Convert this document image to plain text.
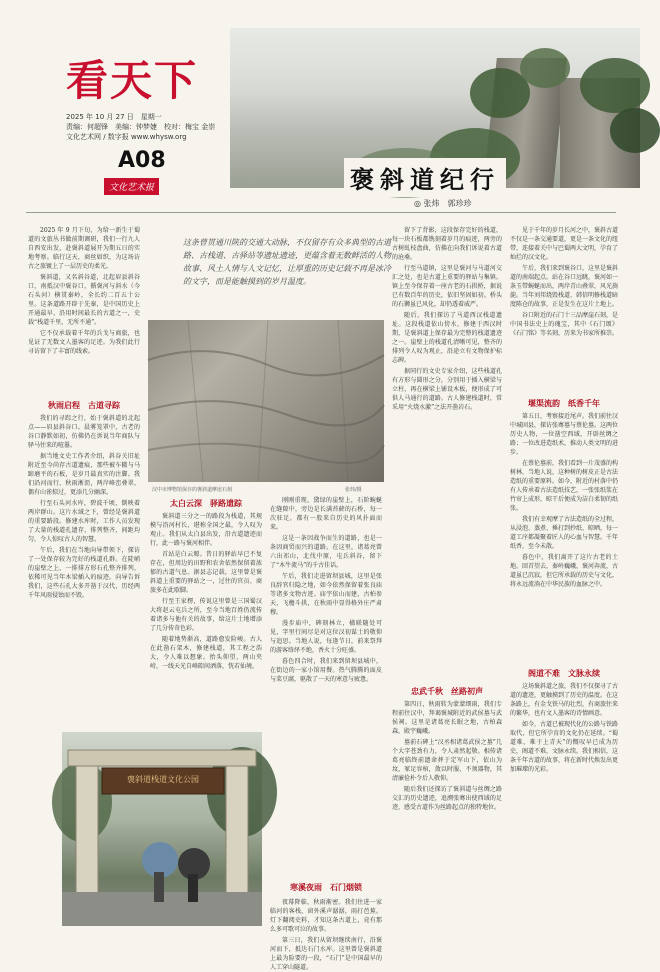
看天下
2025 年 10 月 27 日　星期一
责编：何超锋　美编：钟梦婕　校对：梅宝 金崇
文化艺术网 / 数字报 www.whysw.org
A08
文化艺术报	褒斜道纪行
◎ 张炜　郭珍珍

2025 年 9 月下旬，为给一新生于蜀道的文旅丛书做前期调研，我们一行九人自西安出发，赴褒斜道展开为期五日的实地考察。临行这天，商丝如织，为这场访古之旅镀上了一层历史的柔光。

褒斜道，又名斜谷道，北起眉县斜谷口，南抵汉中褒谷口，循褒河与斜水（今石头河）横贯秦岭，全长约二百五十公里。这条道路开辟于先秦，是中国历史上开通最早、沿用时间最长的古道之一，史载“栈道千里，无所不通”。

它不仅承载着千年的兵戈与商旅，也见证了无数文人墨客的足迹。为我们此行寻访留下了丰富的线索。

秋雨启程　古道寻踪

我们的寻踪之行，始于褒斜道的北起点——眉县斜谷口。晨雾笼罩中，古老的谷口静默如初，仿佛仍在诉说当年商队与驿马往来的喧嚣。

据当地文史工作者介绍，斜谷关旧址附近至今尚存古道遗痕，那些被车辙与马蹄磨平的石板，是岁月最真实的注脚。我们沿河而行，秋雨淅沥，两岸峰峦叠翠，偶有山雀掠过，更添几分幽深。

行至石头河水库，碧波千顷，倒映着两岸群山。这片水域之下，曾经是褒斜道的重要路段。修建水库时，工作人员发现了大量的栈道孔遗存，排列整齐，间距均匀，令人惊叹古人的智慧。

午后，我们在当地向导带领下，探访了一处保存较为完好的栈道孔群。在陡峭的崖壁之上，一排排方形石孔整齐排列，依稀可见当年木梁插入的痕迹。向导告诉我们，这些石孔大多开凿于汉代，历经两千年风雨侵蚀而不毁。

这条曾贯通川陕的交通大动脉，不仅留存有众多典型的古道路、古栈道、古驿站等遗址遗迹，更蕴含着无数鲜活的人物故事、风土人情与人文记忆，让厚重的历史记载不再是冰冷的文字，而是能触摸到的岁月温度。
汉中市博物馆保存的褒斜道摩崖石刻	张炜/摄
太白云深　驿路遗踪

褒斜道三分之一的路段为栈道，其规模与沿河村长，堪称全国之最，令人叹为观止。我们从太白县出发，沿古道遗迹而行，此一路与褒河相伴。

首站是白云塬。昔日的驿站早已不复存在，但周边的田野和农舍依然保留着浓郁的古道气息。据县志记载，这里曾是褒斜道上重要的驿站之一，过往的官员、商旅多在此歇脚。

行至王家楞，传说这里曾是三国蜀汉大将赵云屯兵之所，至今当地百姓仍流传着诸多与他有关的故事，给这片土地增添了几分传奇色彩。

随着地势渐高，道路愈发险峻。古人在此凿石架木，修建栈道，其工程之浩大，令人难以想象。抬头仰望，两山夹峙，一线天光自峰隙间洒落，恍若仙境。

刚刚重现，黛绿的崖壁上，石阶蜿蜒在缝隙中，旁边是长满苔藓的石桥，每一次驻足，都有一股来自历史的风扑面而来。

这是一条因战争而生的道路，也是一条因商贸而兴的道路。在这里，诸葛亮曾六出祁山，北伐中原，屯兵斜谷，留下了“木牛流马”的千古佳话。

午后，我们走进留坝县城，这里是张良辞官归隐之地，如今依然保留着张良庙等诸多文物古迹。庙宇依山而建，古柏参天，飞檐斗拱，在秋雨中显得格外庄严肃穆。

漫步庙中，碑刻林立，楹联随处可见，字里行间尽是对这位汉初谋士的敬仰与追思。当地人说，每逢节日，前来祭拜的游客络绎不绝，香火十分旺盛。

暮色四合时，我们来到留坝县城中，在街边的一家小馆用餐。热气腾腾的面皮与菜豆腐，驱散了一天的寒意与疲惫。

寒溪夜雨　石门烟锁

夜幕降临，秋雨渐密。我们住进一家临河的客栈，窗外溪声潺潺，雨打芭蕉。灯下翻阅史料，才知这条古道上，竟有那么多可歌可泣的故事。

第三日，我们从留坝继续南行，沿褒河而下，抵达石门水库。这里曾是褒斜道上最为险要的一段，“石门”是中国最早的人工穿山隧道。

留下了背影，这段保存完好的栈道，每一块石板都镌刻着岁月的痕迹，两旁的古树虬枝盘曲，仿佛在向我们诉说着古道的沧桑。

行至马道镇，这里是褒河与马道河交汇之处，也是古道上重要的驿站与集镇。镇上至今保存着一座古老的石拱桥，据说已有数百年的历史，依旧坚固如初。桥头的石狮虽已风化，却仍透着威严。

随后，我们探访了马道西汉栈道遗址。这段栈道依山傍水，修建于西汉时期，是褒斜道上保存最为完整的栈道遗迹之一。崖壁上的栈道孔清晰可见，整齐的排列令人叹为观止，沿途立有文物保护标志碑。

据同行的文史专家介绍，这些栈道孔有方形与圆形之分，分别用于插入横梁与立柱，再在横梁上铺设木板，便形成了可供人马通行的道路。古人修建栈道时，常采用“火烧水激”之法开凿岩石。

忠武千秋　丝路初声

第四日，秋雨转为蒙蒙细雨，我们专程前往汉中，拜谒褒城附近的武侯墓与武侯祠。这里是诸葛亮长眠之地，古柏森森，殿宇巍峨。

墓前石碑上“汉丞相诸葛武侯之墓”几个大字苍劲有力，令人肃然起敬。相传诸葛亮临终前遗命葬于定军山下，依山为坟，冢足容棺，敛以时服，不须器物，其清廉俭朴令后人敬仰。

随后我们还探访了褒斜道与丝绸之路交汇的历史遗迹，追溯张骞出使西域的足迹，感受古道作为丝路起点的独特地位。

见于千年的岁月长河之中，褒斜古道不仅是一条交通要道，更是一条文化的纽带，连接着关中与巴蜀两大文明，孕育了灿烂的汉文化。

午后，我们来到褒谷口，这里是褒斜道的南端起点。站在谷口远眺，褒河如一条玉带蜿蜒而出，两岸青山叠翠，风光旖旎。当年刘邦烧毁栈道、韩信明修栈道暗度陈仓的故事，正是发生在这片土地上。

谷口附近的石门十三品摩崖石刻，是中国书法史上的瑰宝，其中《石门颂》《石门铭》等名刻，历来为书家所推崇。

堰渠流韵　纸香千年

第五日，考察接近尾声。我们前往汉中城固县，探访张骞墓与蔡伦墓。这两位历史人物，一位凿空西域，开辟丝绸之路；一位改进造纸术，推动人类文明的进步。

在蔡伦墓前，我们看到一片茂盛的构树林，当地人说，这种树的树皮正是古法造纸的重要原料。如今，附近的村落中仍有人传承着古法造纸技艺，一张张纸浆在竹帘上成形，晾干后便成为洁白柔韧的纸张。

我们有幸观摩了古法造纸的全过程，从浸泡、蒸煮、捶打到抄纸、晾晒，每一道工序都凝聚着匠人的心血与智慧。千年纸香，至今未散。

暮色中，我们离开了这片古老的土地。回首望去，秦岭巍峨，褒河奔流，古道虽已沉寂，但它所承载的历史与文化，将永远流淌在中华民族的血脉之中。

阁道不难　文脉永续

这场褒斜道之旅，我们不仅探寻了古道的遗迹，更触摸到了历史的温度。在这条路上，有金戈铁马的壮烈，有商旅往来的繁华，也有文人墨客的诗情画意。

如今，古道已被现代化的公路与铁路取代，但它所孕育的文化仍在延续。“蜀道难，难于上青天”的慨叹早已成为历史，阁道不难，文脉永续。我们相信，这条千年古道的故事，将在新时代焕发出更加璀璨的光彩。

褒斜道栈道文化公园
